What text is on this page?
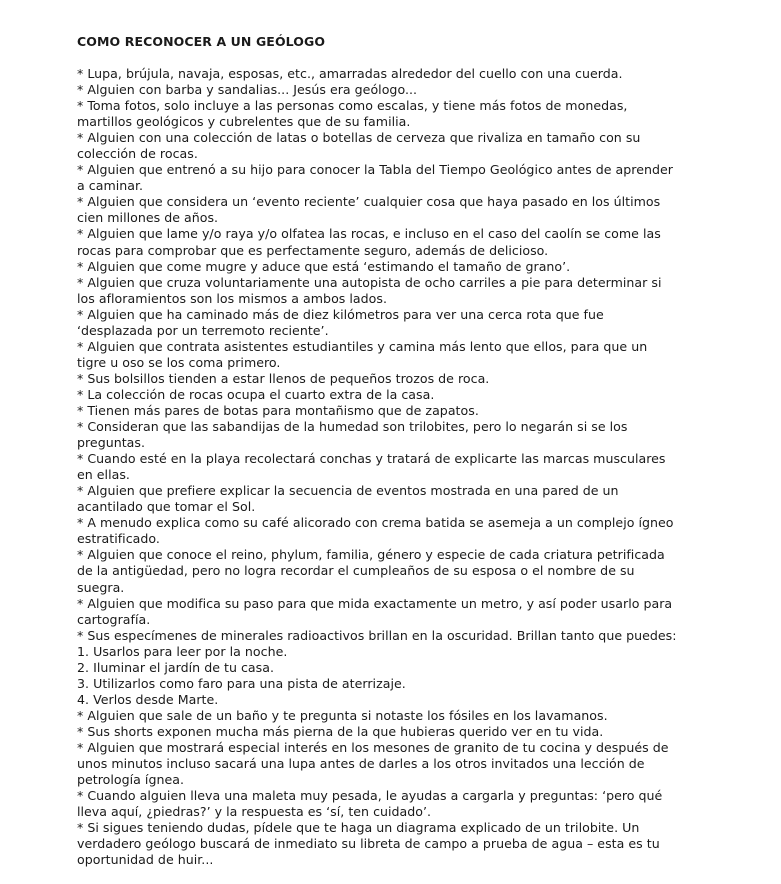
COMO RECONOCER A UN GEÓLOGO
* Lupa, brújula, navaja, esposas, etc., amarradas alrededor del cuello con una cuerda.
* Alguien con barba y sandalias... Jesús era geólogo...
* Toma fotos, solo incluye a las personas como escalas, y tiene más fotos de monedas,
martillos geológicos y cubrelentes que de su familia.
* Alguien con una colección de latas o botellas de cerveza que rivaliza en tamaño con su
colección de rocas.
* Alguien que entrenó a su hijo para conocer la Tabla del Tiempo Geológico antes de aprender
a caminar.
* Alguien que considera un ‘evento reciente’ cualquier cosa que haya pasado en los últimos
cien millones de años.
* Alguien que lame y/o raya y/o olfatea las rocas, e incluso en el caso del caolín se come las
rocas para comprobar que es perfectamente seguro, además de delicioso.
* Alguien que come mugre y aduce que está ‘estimando el tamaño de grano’.
* Alguien que cruza voluntariamente una autopista de ocho carriles a pie para determinar si
los afloramientos son los mismos a ambos lados.
* Alguien que ha caminado más de diez kilómetros para ver una cerca rota que fue
‘desplazada por un terremoto reciente’.
* Alguien que contrata asistentes estudiantiles y camina más lento que ellos, para que un
tigre u oso se los coma primero.
* Sus bolsillos tienden a estar llenos de pequeños trozos de roca.
* La colección de rocas ocupa el cuarto extra de la casa.
* Tienen más pares de botas para montañismo que de zapatos.
* Consideran que las sabandijas de la humedad son trilobites, pero lo negarán si se los
preguntas.
* Cuando esté en la playa recolectará conchas y tratará de explicarte las marcas musculares
en ellas.
* Alguien que prefiere explicar la secuencia de eventos mostrada en una pared de un
acantilado que tomar el Sol.
* A menudo explica como su café alicorado con crema batida se asemeja a un complejo ígneo
estratificado.
* Alguien que conoce el reino, phylum, familia, género y especie de cada criatura petrificada
de la antigüedad, pero no logra recordar el cumpleaños de su esposa o el nombre de su
suegra.
* Alguien que modifica su paso para que mida exactamente un metro, y así poder usarlo para
cartografía.
* Sus especímenes de minerales radioactivos brillan en la oscuridad. Brillan tanto que puedes:
1. Usarlos para leer por la noche.
2. Iluminar el jardín de tu casa.
3. Utilizarlos como faro para una pista de aterrizaje.
4. Verlos desde Marte.
* Alguien que sale de un baño y te pregunta si notaste los fósiles en los lavamanos.
* Sus shorts exponen mucha más pierna de la que hubieras querido ver en tu vida.
* Alguien que mostrará especial interés en los mesones de granito de tu cocina y después de
unos minutos incluso sacará una lupa antes de darles a los otros invitados una lección de
petrología ígnea.
* Cuando alguien lleva una maleta muy pesada, le ayudas a cargarla y preguntas: ‘pero qué
lleva aquí, ¿piedras?’ y la respuesta es ‘sí, ten cuidado’.
* Si sigues teniendo dudas, pídele que te haga un diagrama explicado de un trilobite. Un
verdadero geólogo buscará de inmediato su libreta de campo a prueba de agua – esta es tu
oportunidad de huir...
